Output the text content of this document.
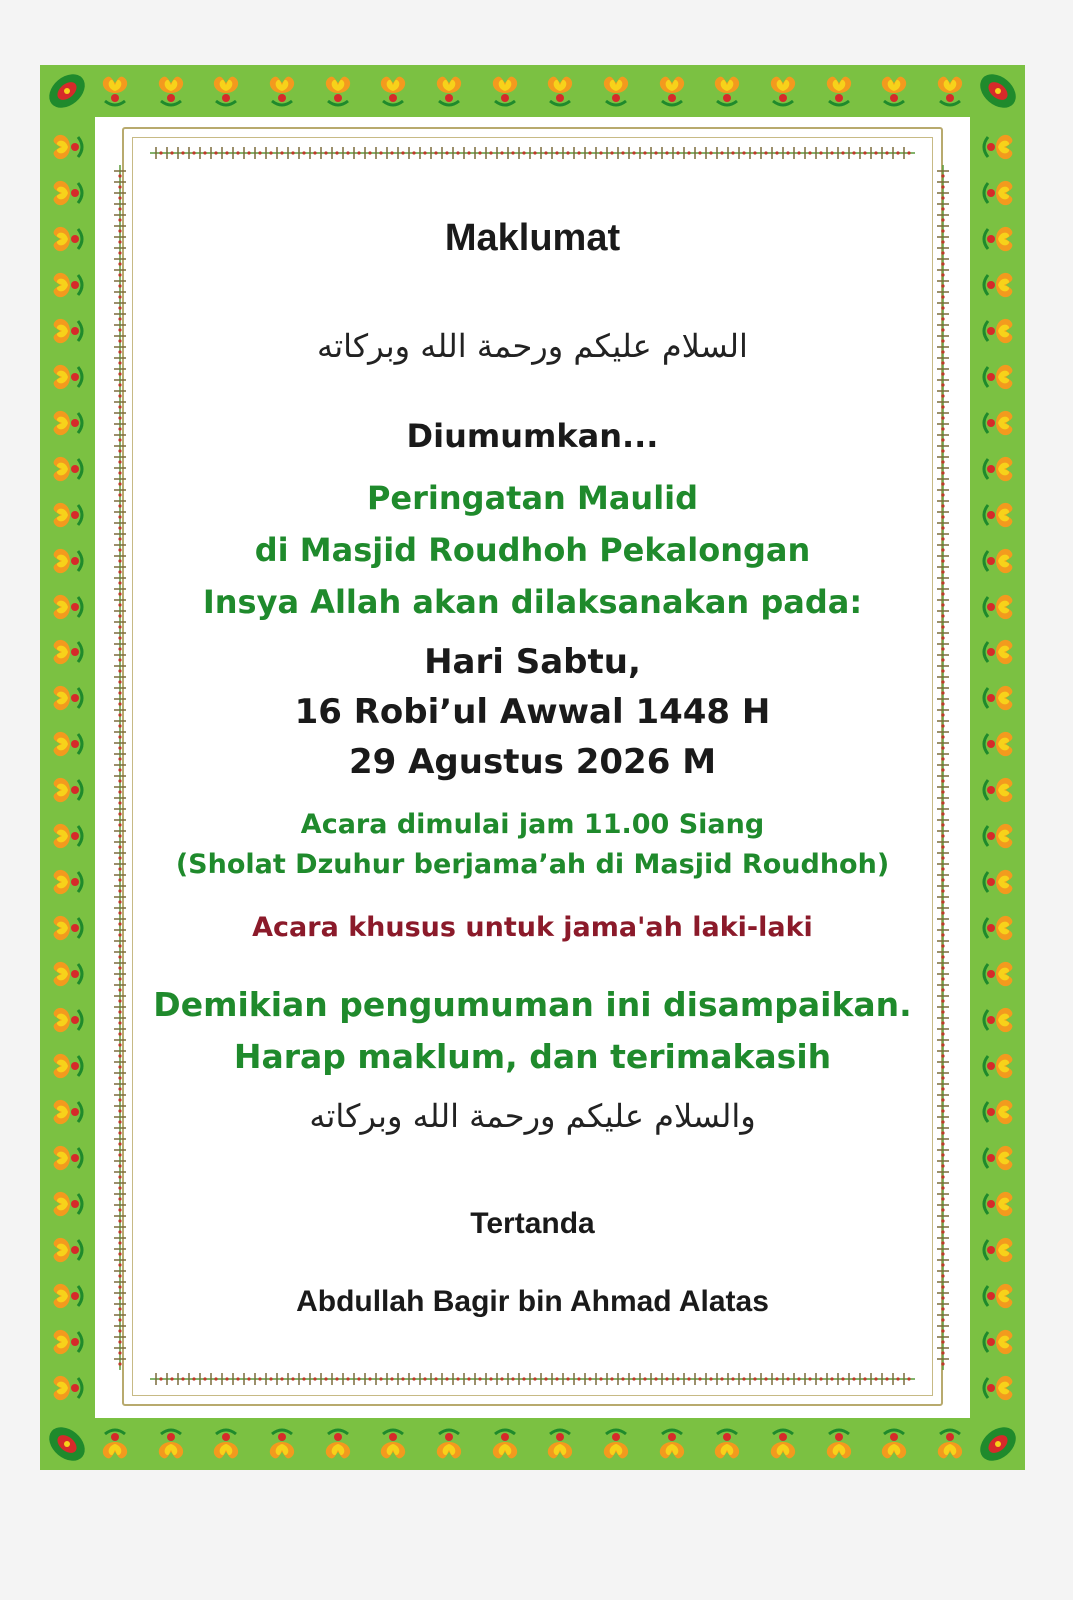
Maklumat
السلام عليكم ورحمة الله وبركاته
Diumumkan...
Peringatan Maulid
di Masjid Roudhoh Pekalongan
Insya Allah akan dilaksanakan pada:
Hari Sabtu,
16 Robi’ul Awwal 1448 H
29 Agustus 2026 M
Acara dimulai jam 11.00 Siang
(Sholat Dzuhur berjama’ah di Masjid Roudhoh)
Acara khusus untuk jama'ah laki-laki
Demikian pengumuman ini disampaikan.
Harap maklum, dan terimakasih
والسلام عليكم ورحمة الله وبركاته
Tertanda
Abdullah Bagir bin Ahmad Alatas
